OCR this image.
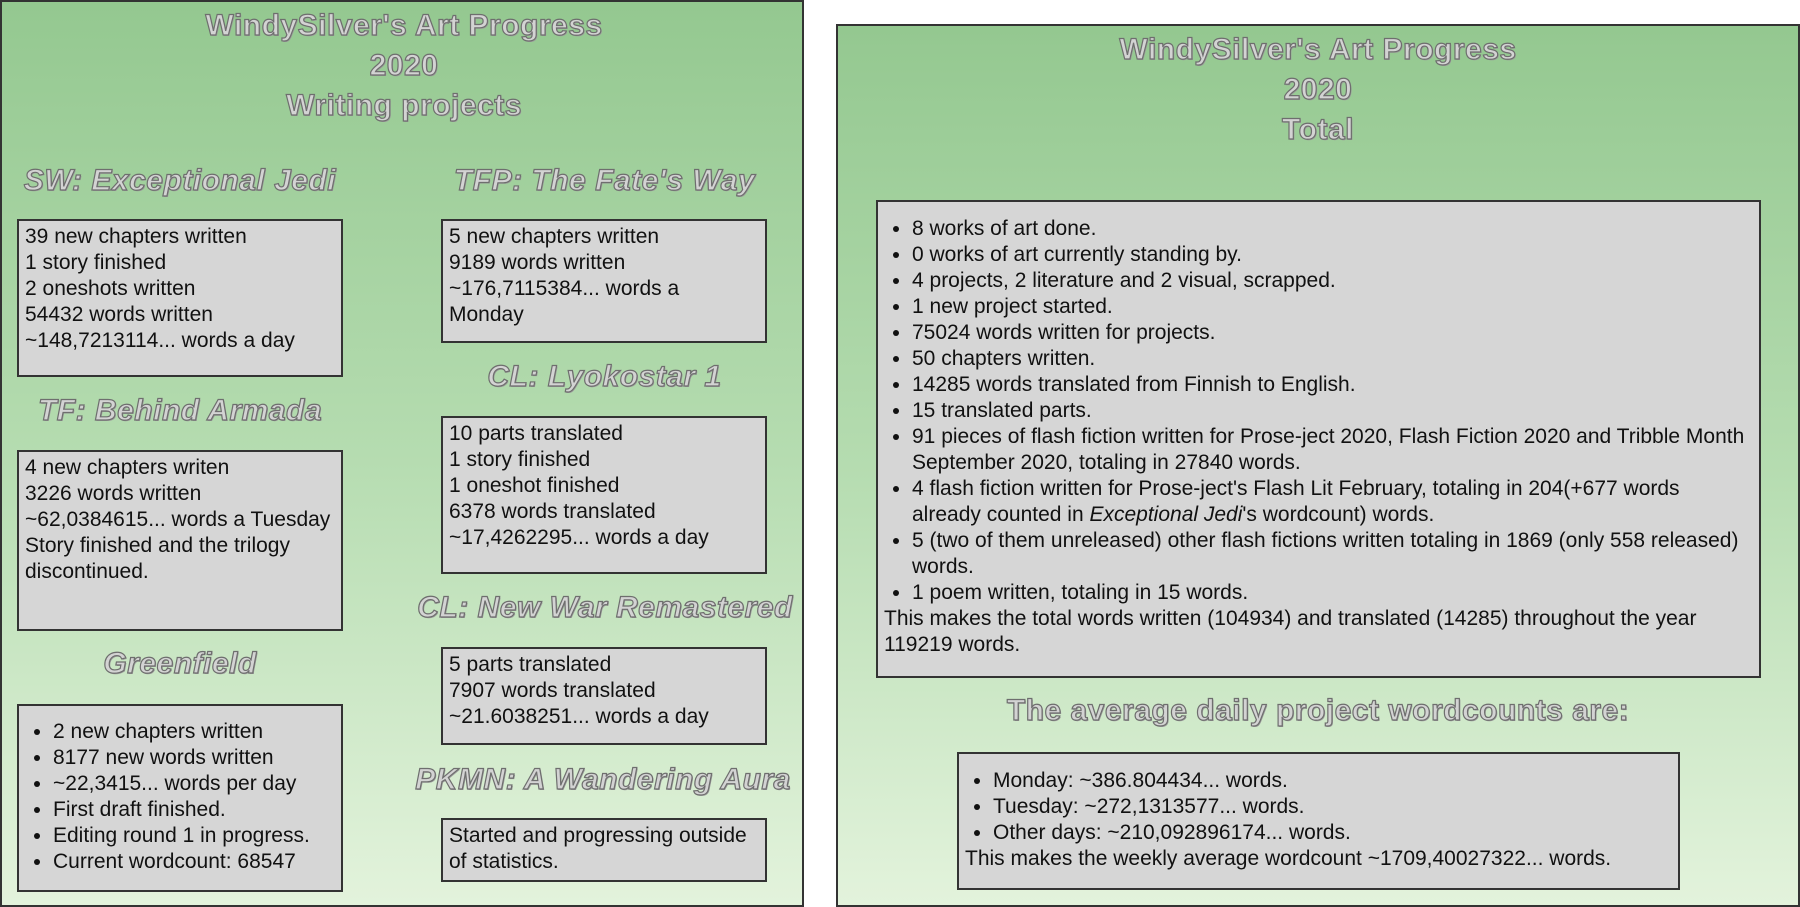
WindySilver's Art Progress
2020
Writing projects
SW: Exceptional Jedi
39 new chapters written
1 story finished
2 oneshots written
54432 words written
~148,7213114... words a day
TF: Behind Armada
4 new chapters writen
3226 words written
~62,0384615... words a Tuesday
Story finished and the trilogy discontinued.
Greenfield
• 2 new chapters written
• 8177 new words written
• ~22,3415... words per day
• First draft finished.
• Editing round 1 in progress.
• Current wordcount: 68547
TFP: The Fate's Way
5 new chapters written
9189 words written
~176,7115384... words a Monday
CL: Lyokostar 1
10 parts translated
1 story finished
1 oneshot finished
6378 words translated
~17,4262295... words a day
CL: New War Remastered
5 parts translated
7907 words translated
~21.6038251... words a day
PKMN: A Wandering Aura
Started and progressing outside of statistics.
WindySilver's Art Progress
2020
Total
• 8 works of art done.
• 0 works of art currently standing by.
• 4 projects, 2 literature and 2 visual, scrapped.
• 1 new project started.
• 75024 words written for projects.
• 50 chapters written.
• 14285 words translated from Finnish to English.
• 15 translated parts.
• 91 pieces of flash fiction written for Prose-ject 2020, Flash Fiction 2020 and Tribble Month September 2020, totaling in 27840 words.
• 4 flash fiction written for Prose-ject's Flash Lit February, totaling in 204(+677 words already counted in Exceptional Jedi's wordcount) words.
• 5 (two of them unreleased) other flash fictions written totaling in 1869 (only 558 released) words.
• 1 poem written, totaling in 15 words.
This makes the total words written (104934) and translated (14285) throughout the year 119219 words.
The average daily project wordcounts are:
• Monday: ~386.804434... words.
• Tuesday: ~272,1313577... words.
• Other days: ~210,092896174... words.
This makes the weekly average wordcount ~1709,40027322... words.
